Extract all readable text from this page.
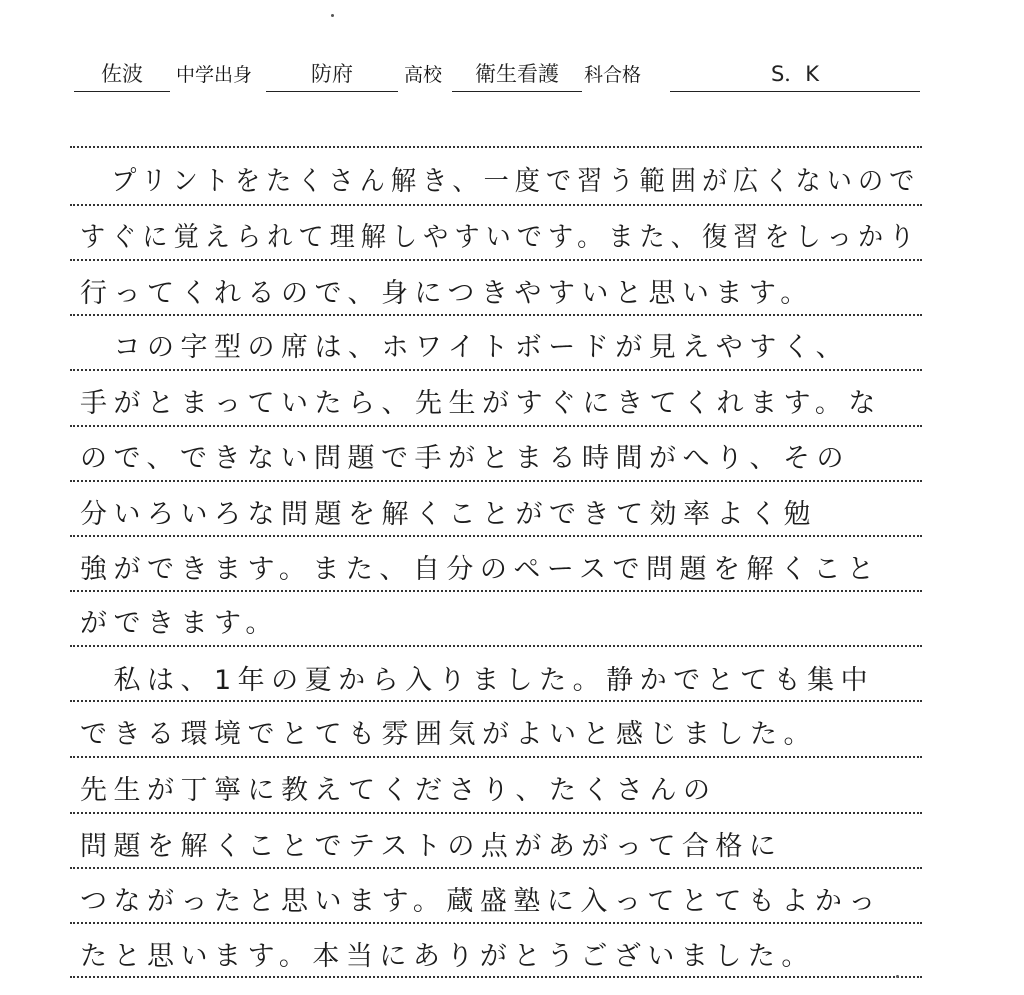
佐波	中学出身	防府	高校	衛生看護	科合格	S．K
　プリントをたくさん解き、一度で習う範囲が広くないので
すぐに覚えられて理解しやすいです。また、復習をしっかり
行ってくれるので、身につきやすいと思います。
　コの字型の席は、ホワイトボードが見えやすく、
手がとまっていたら、先生がすぐにきてくれます。な
ので、できない問題で手がとまる時間がへり、その
分いろいろな問題を解くことができて効率よく勉
強ができます。また、自分のペースで問題を解くこと
ができます。
　私は、1年の夏から入りました。静かでとても集中
できる環境でとても雰囲気がよいと感じました。
先生が丁寧に教えてくださり、たくさんの
問題を解くことでテストの点があがって合格に
つながったと思います。蔵盛塾に入ってとてもよかっ
たと思います。本当にありがとうございました。
